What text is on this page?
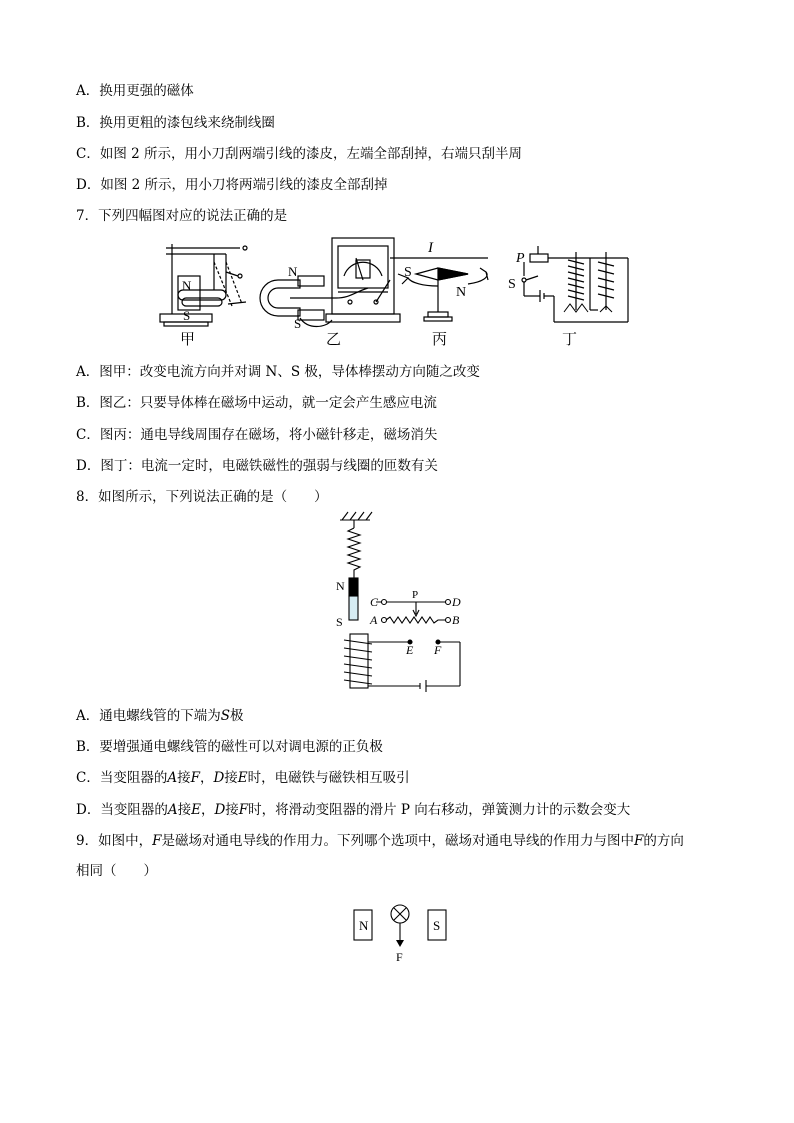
A．换用更强的磁体
B．换用更粗的漆包线来绕制线圈
C．如图 2 所示，用小刀刮两端引线的漆皮，左端全部刮掉，右端只刮半周
D．如图 2 所示，用小刀将两端引线的漆皮全部刮掉
7．下列四幅图对应的说法正确的是
N
S
甲
N
S
乙
I
S
N
丙
P
S
丁
A．图甲：改变电流方向并对调 N、S 极，导体棒摆动方向随之改变
B．图乙：只要导体棒在磁场中运动，就一定会产生感应电流
C．图丙：通电导线周围存在磁场，将小磁针移走，磁场消失
D．图丁：电流一定时，电磁铁磁性的强弱与线圈的匝数有关
8．如图所示，下列说法正确的是（　　）
N
S
C	D
P
A	B
E F
A．通电螺线管的下端为S极
B．要增强通电螺线管的磁性可以对调电源的正负极
C．当变阻器的A接F，D接E时，电磁铁与磁铁相互吸引
D．当变阻器的A接E，D接F时，将滑动变阻器的滑片 P 向右移动，弹簧测力计的示数会变大
9．如图中，F是磁场对通电导线的作用力。下列哪个选项中，磁场对通电导线的作用力与图中F的方向
相同（　　）
N	S
F
